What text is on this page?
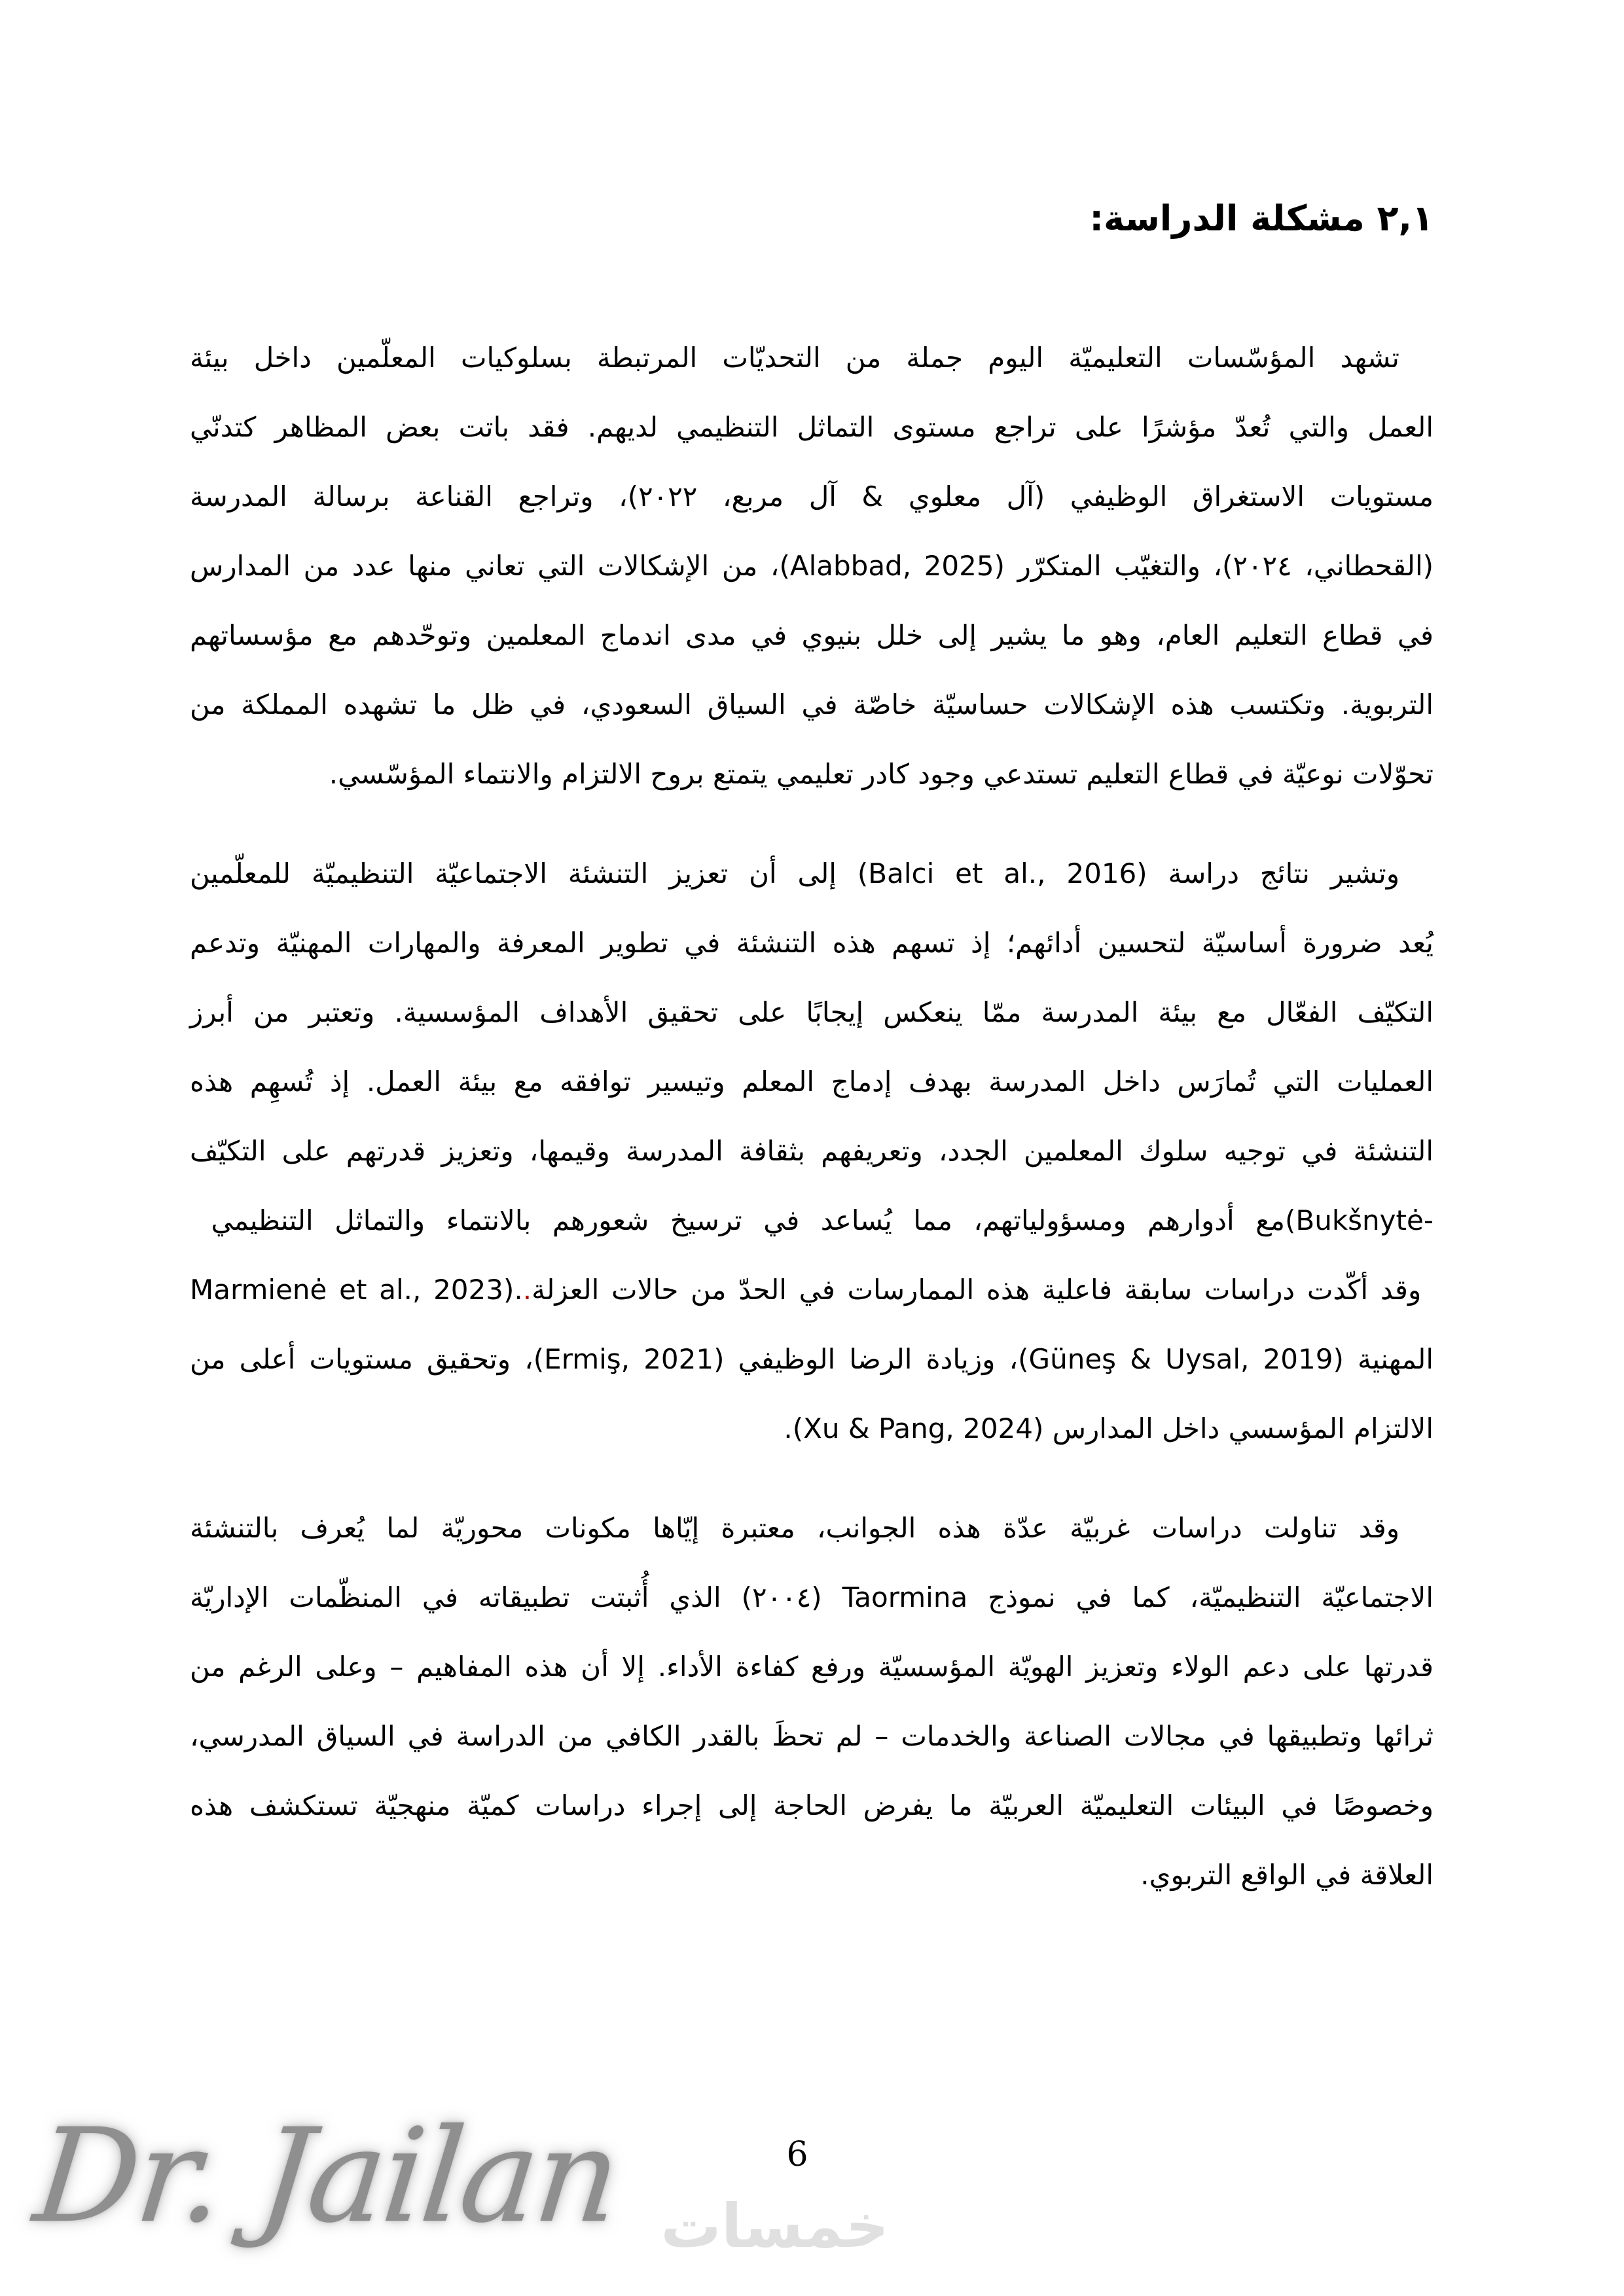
٢,١ مشكلة الدراسة:
تشهد المؤسّسات التعليميّة اليوم جملة من التحديّات المرتبطة بسلوكيات المعلّمين داخل بيئة
العمل والتي تُعدّ مؤشرًا على تراجع مستوى التماثل التنظيمي لديهم. فقد باتت بعض المظاهر كتدنّي
مستويات الاستغراق الوظيفي (آل معلوي & آل مربع، ٢٠٢٢)، وتراجع القناعة برسالة المدرسة
(القحطاني، ٢٠٢٤)، والتغيّب المتكرّر (Alabbad, 2025)، من الإشكالات التي تعاني منها عدد من المدارس
في قطاع التعليم العام، وهو ما يشير إلى خلل بنيوي في مدى اندماج المعلمين وتوحّدهم مع مؤسساتهم
التربوية. وتكتسب هذه الإشكالات حساسيّة خاصّة في السياق السعودي، في ظل ما تشهده المملكة من
تحوّلات نوعيّة في قطاع التعليم تستدعي وجود كادر تعليمي يتمتع بروح الالتزام والانتماء المؤسّسي.
وتشير نتائج دراسة (Balci et al., 2016) إلى أن تعزيز التنشئة الاجتماعيّة التنظيميّة للمعلّمين
يُعد ضرورة أساسيّة لتحسين أدائهم؛ إذ تسهم هذه التنشئة في تطوير المعرفة والمهارات المهنيّة وتدعم
التكيّف الفعّال مع بيئة المدرسة ممّا ينعكس إيجابًا على تحقيق الأهداف المؤسسية. وتعتبر من أبرز
العمليات التي تُمارَس داخل المدرسة بهدف إدماج المعلم وتيسير توافقه مع بيئة العمل. إذ تُسهِم هذه
التنشئة في توجيه سلوك المعلمين الجدد، وتعريفهم بثقافة المدرسة وقيمها، وتعزيز قدرتهم على التكيّف
مع أدوارهم ومسؤولياتهم، مما يُساعد في ترسيخ شعورهم بالانتماء والتماثل التنظيمي (Bukšnytė-
Marmienė et al., 2023).. وقد أكّدت دراسات سابقة فاعلية هذه الممارسات في الحدّ من حالات العزلة
المهنية (Güneş & Uysal, 2019)، وزيادة الرضا الوظيفي (Ermiş, 2021)، وتحقيق مستويات أعلى من
الالتزام المؤسسي داخل المدارس (Xu & Pang, 2024).
وقد تناولت دراسات غربيّة عدّة هذه الجوانب، معتبرة إيّاها مكونات محوريّة لما يُعرف بالتنشئة
الاجتماعيّة التنظيميّة، كما في نموذج Taormina (٢٠٠٤) الذي أُثبتت تطبيقاته في المنظّمات الإداريّة
قدرتها على دعم الولاء وتعزيز الهويّة المؤسسيّة ورفع كفاءة الأداء. إلا أن هذه المفاهيم – وعلى الرغم من
ثرائها وتطبيقها في مجالات الصناعة والخدمات – لم تحظَ بالقدر الكافي من الدراسة في السياق المدرسي،
وخصوصًا في البيئات التعليميّة العربيّة ما يفرض الحاجة إلى إجراء دراسات كميّة منهجيّة تستكشف هذه
العلاقة في الواقع التربوي.
Dr. Jailan	6
خمسات
